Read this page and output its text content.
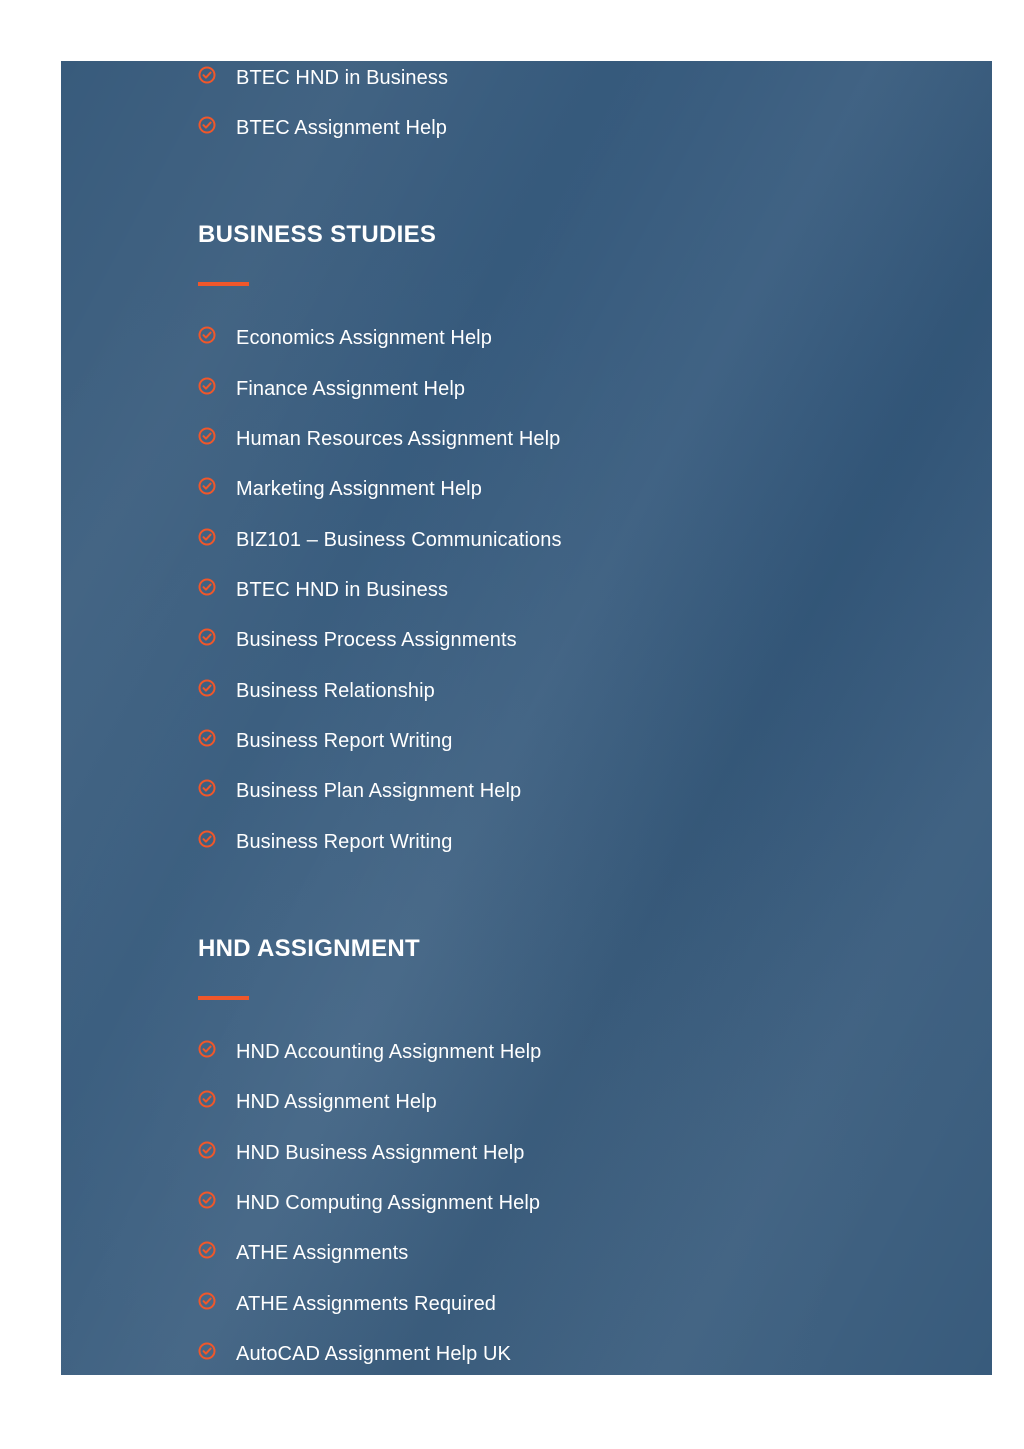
BTEC HND in Business
BTEC Assignment Help
BUSINESS STUDIES
Economics Assignment Help
Finance Assignment Help
Human Resources Assignment Help
Marketing Assignment Help
BIZ101 – Business Communications
BTEC HND in Business
Business Process Assignments
Business Relationship
Business Report Writing
Business Plan Assignment Help
Business Report Writing
HND ASSIGNMENT
HND Accounting Assignment Help
HND Assignment Help
HND Business Assignment Help
HND Computing Assignment Help
ATHE Assignments
ATHE Assignments Required
AutoCAD Assignment Help UK
